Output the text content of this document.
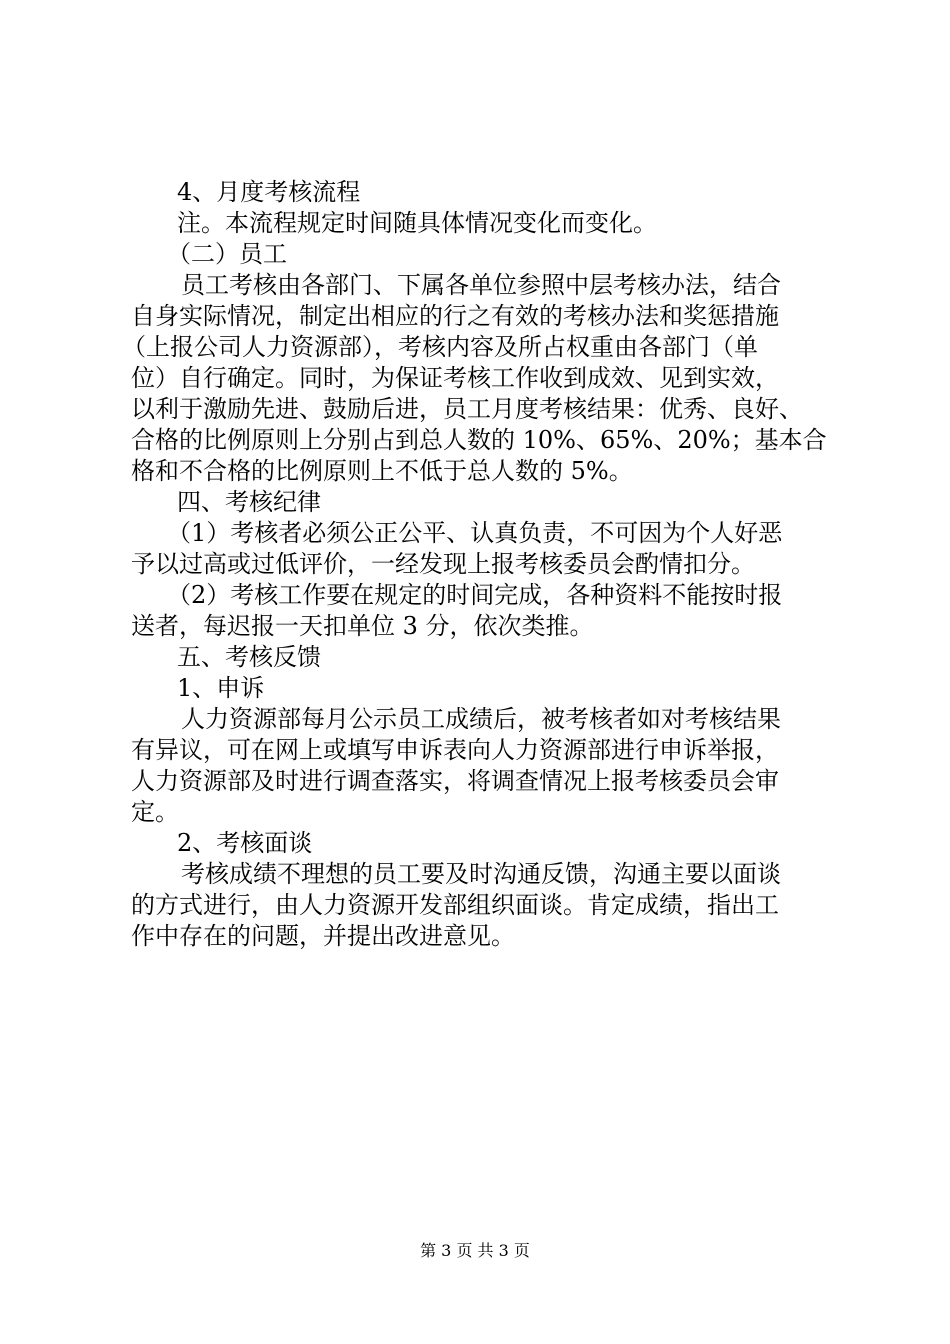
4、月度考核流程
注。本流程规定时间随具体情况变化而变化。
（二）员工
员工考核由各部门、下属各单位参照中层考核办法，结合
自身实际情况，制定出相应的行之有效的考核办法和奖惩措施
（上报公司人力资源部），考核内容及所占权重由各部门（单
位）自行确定。同时，为保证考核工作收到成效、见到实效，
以利于激励先进、鼓励后进，员工月度考核结果：优秀、良好、
合格的比例原则上分别占到总人数的 10%、65%、20%；基本合
格和不合格的比例原则上不低于总人数的 5%。
四、考核纪律
（1）考核者必须公正公平、认真负责，不可因为个人好恶
予以过高或过低评价，一经发现上报考核委员会酌情扣分。
（2）考核工作要在规定的时间完成，各种资料不能按时报
送者，每迟报一天扣单位 3 分，依次类推。
五、考核反馈
1、申诉
人力资源部每月公示员工成绩后，被考核者如对考核结果
有异议，可在网上或填写申诉表向人力资源部进行申诉举报，
人力资源部及时进行调查落实，将调查情况上报考核委员会审
定。
2、考核面谈
考核成绩不理想的员工要及时沟通反馈，沟通主要以面谈
的方式进行，由人力资源开发部组织面谈。肯定成绩，指出工
作中存在的问题，并提出改进意见。
第 3 页 共 3 页
